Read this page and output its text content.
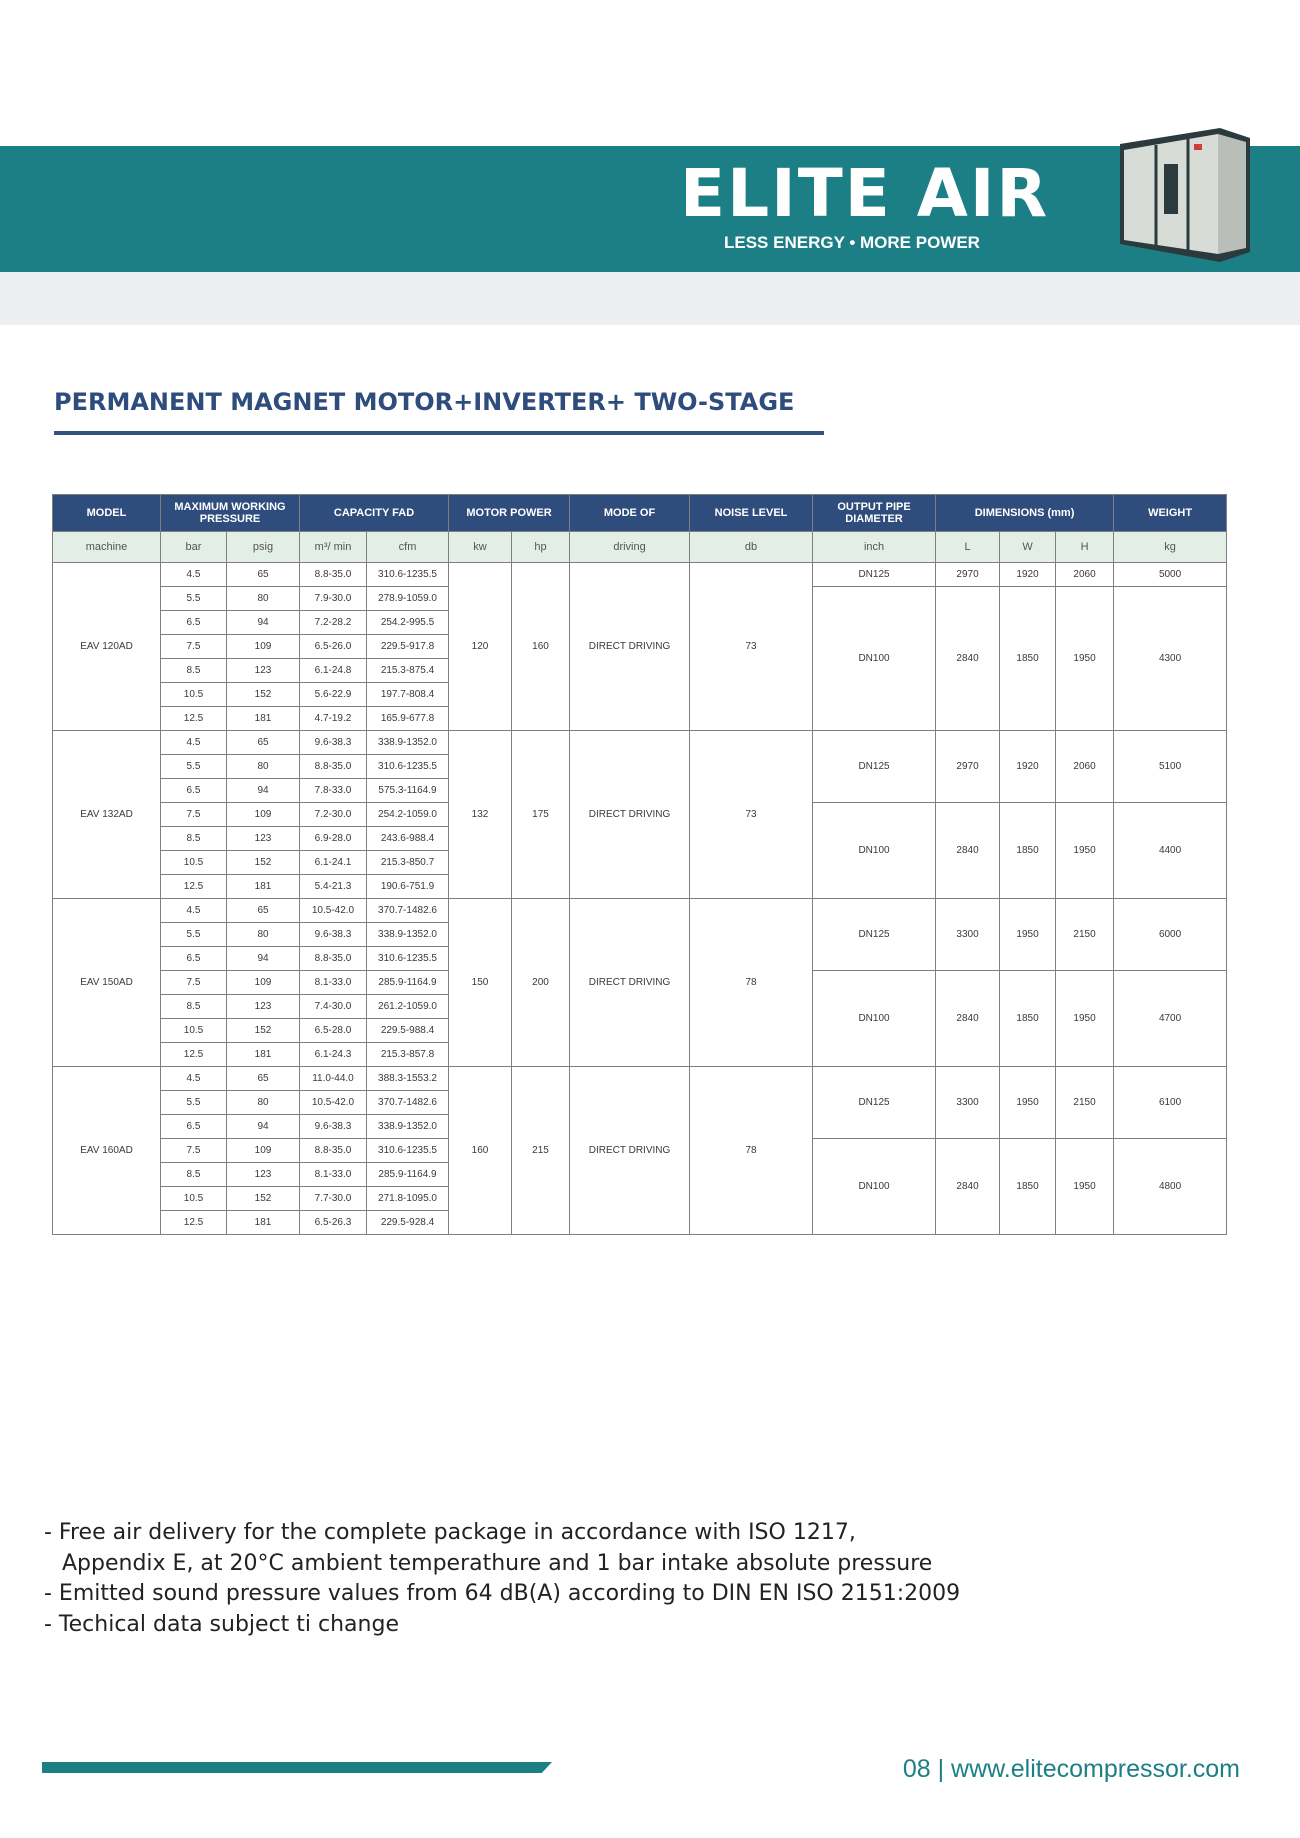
ELITE AIR
LESS ENERGY • MORE POWER
PERMANENT MAGNET MOTOR+INVERTER+ TWO-STAGE
MODEL	MAXIMUM WORKING PRESSURE		CAPACITY FAD		MOTOR POWER		MODE OF	NOISE LEVEL	OUTPUT PIPE DIAMETER	DIMENSIONS (mm)			WEIGHT
machine	bar	psig	m³/ min	cfm	kw	hp	driving	db	inch	L	W	H	kg
EAV 120AD	4.5	65	8.8-35.0	310.6-1235.5	120	160	DIRECT DRIVING	73	DN125	2970	1920	2060	5000
	5.5	80	7.9-30.0	278.9-1059.0					DN100	2840	1850	1950	4300
	6.5	94	7.2-28.2	254.2-995.5									
	7.5	109	6.5-26.0	229.5-917.8									
	8.5	123	6.1-24.8	215.3-875.4									
	10.5	152	5.6-22.9	197.7-808.4									
	12.5	181	4.7-19.2	165.9-677.8									
EAV 132AD	4.5	65	9.6-38.3	338.9-1352.0	132	175	DIRECT DRIVING	73	DN125	2970	1920	2060	5100
	5.5	80	8.8-35.0	310.6-1235.5									
	6.5	94	7.8-33.0	575.3-1164.9									
	7.5	109	7.2-30.0	254.2-1059.0					DN100	2840	1850	1950	4400
	8.5	123	6.9-28.0	243.6-988.4									
	10.5	152	6.1-24.1	215.3-850.7									
	12.5	181	5.4-21.3	190.6-751.9									
EAV 150AD	4.5	65	10.5-42.0	370.7-1482.6	150	200	DIRECT DRIVING	78	DN125	3300	1950	2150	6000
	5.5	80	9.6-38.3	338.9-1352.0									
	6.5	94	8.8-35.0	310.6-1235.5									
	7.5	109	8.1-33.0	285.9-1164.9					DN100	2840	1850	1950	4700
	8.5	123	7.4-30.0	261.2-1059.0									
	10.5	152	6.5-28.0	229.5-988.4									
	12.5	181	6.1-24.3	215.3-857.8									
EAV 160AD	4.5	65	11.0-44.0	388.3-1553.2	160	215	DIRECT DRIVING	78	DN125	3300	1950	2150	6100
	5.5	80	10.5-42.0	370.7-1482.6									
	6.5	94	9.6-38.3	338.9-1352.0									
	7.5	109	8.8-35.0	310.6-1235.5					DN100	2840	1850	1950	4800
	8.5	123	8.1-33.0	285.9-1164.9									
	10.5	152	7.7-30.0	271.8-1095.0									
	12.5	181	6.5-26.3	229.5-928.4									
- Free air delivery for the complete package in accordance with ISO 1217,
Appendix E, at 20°C ambient temperathure and 1 bar intake absolute pressure
- Emitted sound pressure values from 64 dB(A) according to DIN EN ISO 2151:2009
- Techical data subject ti change
08 | www.elitecompressor.com
